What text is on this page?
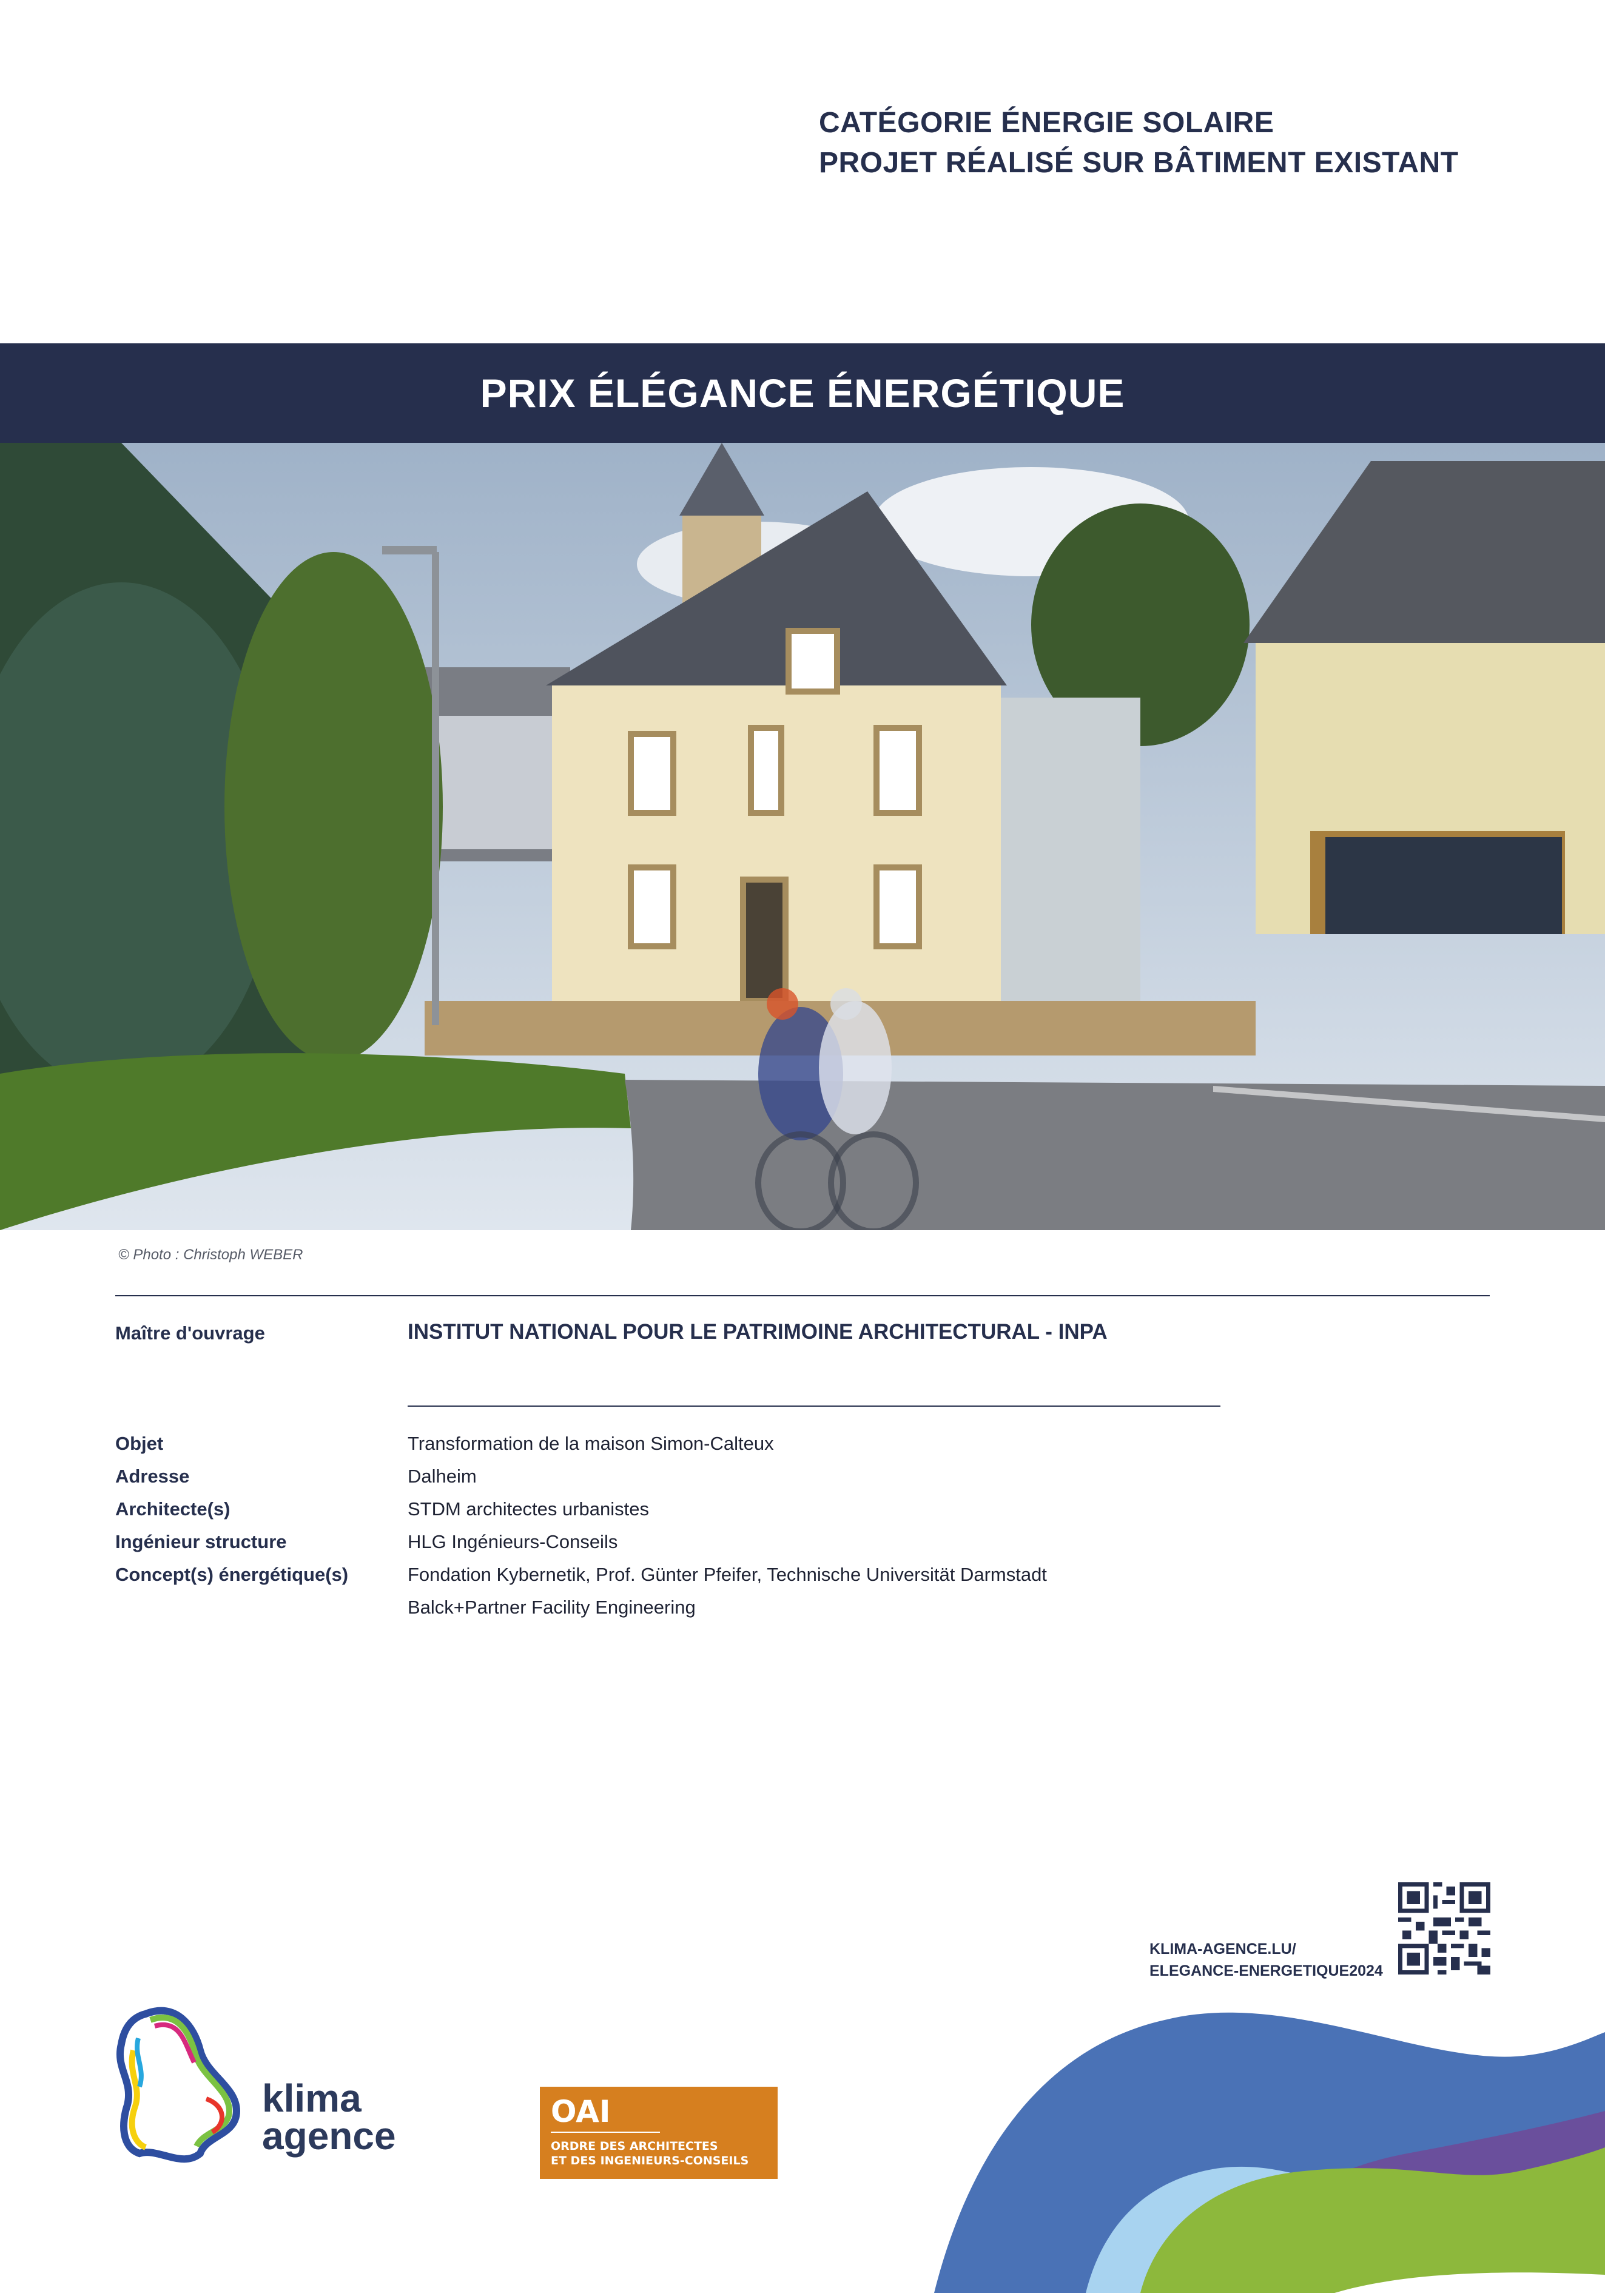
CATÉGORIE ÉNERGIE SOLAIRE
PROJET RÉALISÉ SUR BÂTIMENT EXISTANT
PRIX ÉLÉGANCE ÉNERGÉTIQUE
© Photo : Christoph WEBER
Maître d'ouvrage	INSTITUT NATIONAL POUR LE PATRIMOINE ARCHITECTURAL - INPA
Objet	Transformation de la maison Simon-Calteux
Adresse	Dalheim
Architecte(s)	STDM architectes urbanistes
Ingénieur structure	HLG Ingénieurs-Conseils
Concept(s) énergétique(s)	Fondation Kybernetik, Prof. Günter Pfeifer, Technische Universität Darmstadt
Balck+Partner Facility Engineering
KLIMA-AGENCE.LU/
ELEGANCE-ENERGETIQUE2024
klima
agence
OAI
ORDRE DES ARCHITECTES
ET DES INGENIEURS-CONSEILS
